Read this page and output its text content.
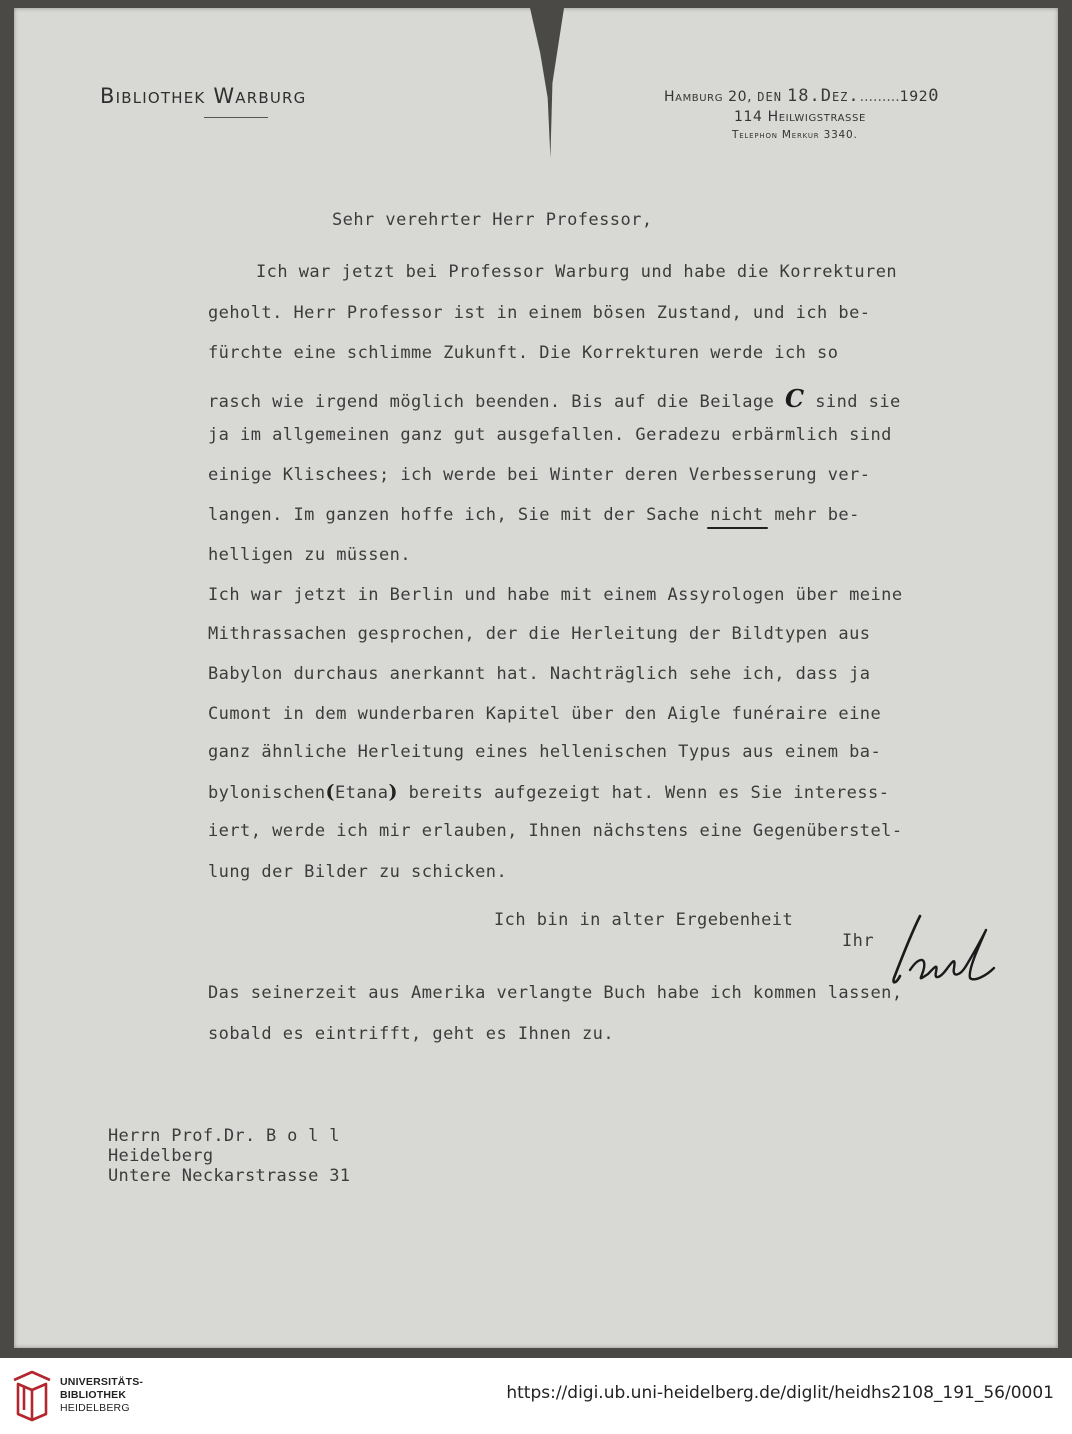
Bibliothek Warburg	Hamburg 20, den 18.Dez..........1920
114 Heilwigstrasse
Telephon Merkur 3340.
Sehr verehrter Herr Professor,
Ich war jetzt bei Professor Warburg und habe die Korrekturen
geholt. Herr Professor ist in einem bösen Zustand, und ich be-
fürchte eine schlimme Zukunft. Die Korrekturen werde ich so
rasch wie irgend möglich beenden. Bis auf die Beilage C sind sie
ja im allgemeinen ganz gut ausgefallen. Geradezu erbärmlich sind
einige Klischees; ich werde bei Winter deren Verbesserung ver-
langen. Im ganzen hoffe ich, Sie mit der Sache nicht mehr be-
helligen zu müssen.
Ich war jetzt in Berlin und habe mit einem Assyrologen über meine
Mithrassachen gesprochen, der die Herleitung der Bildtypen aus
Babylon durchaus anerkannt hat. Nachträglich sehe ich, dass ja
Cumont in dem wunderbaren Kapitel über den Aigle funéraire eine
ganz ähnliche Herleitung eines hellenischen Typus aus einem ba-
bylonischen(Etana) bereits aufgezeigt hat. Wenn es Sie interess-
iert, werde ich mir erlauben, Ihnen nächstens eine Gegenüberstel-
lung der Bilder zu schicken.
Ich bin in alter Ergebenheit
Ihr
Das seinerzeit aus Amerika verlangte Buch habe ich kommen lassen,
sobald es eintrifft, geht es Ihnen zu.
Herrn Prof.Dr. B o l l
Heidelberg
Untere Neckarstrasse 31
UNIVERSITÄTS-
BIBLIOTHEK
HEIDELBERG
https://digi.ub.uni-heidelberg.de/diglit/heidhs2108_191_56/0001
